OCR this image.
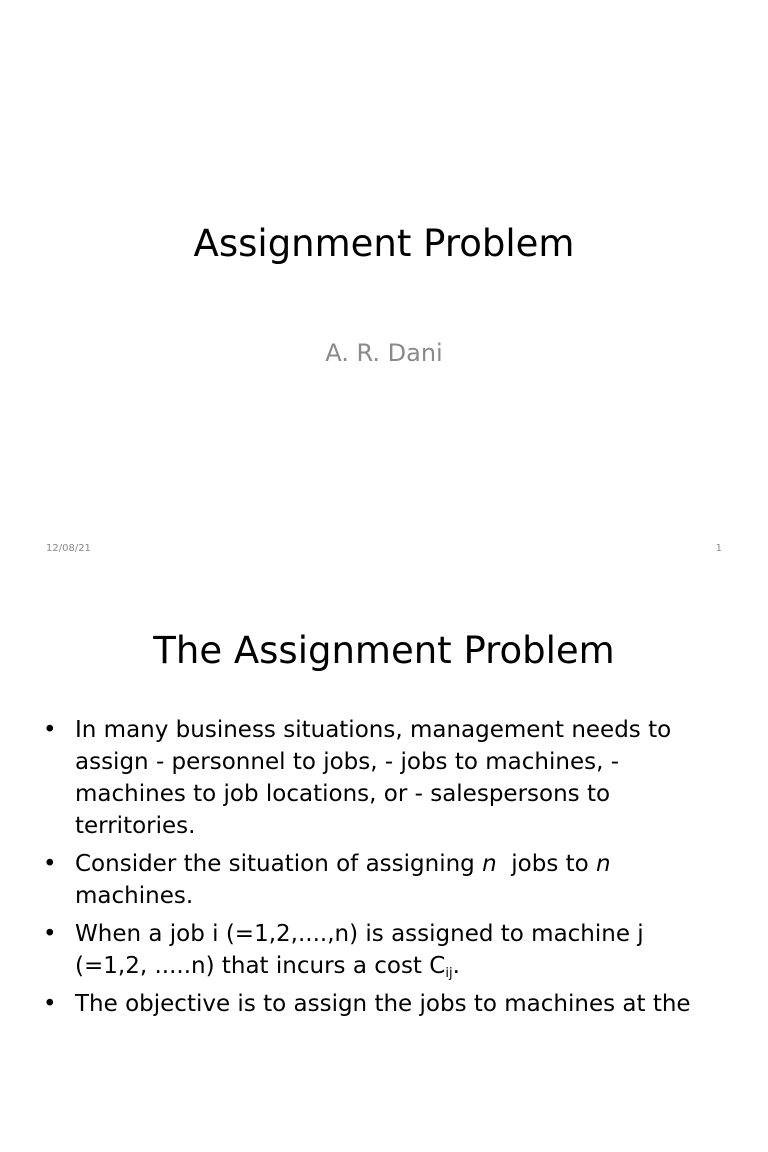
Assignment Problem
A. R. Dani
12/08/21	1
The Assignment Problem
• In many business situations, management needs to assign - personnel to jobs, - jobs to machines, - machines to job locations, or - salespersons to territories.
• Consider the situation of assigning n  jobs to n machines.
• When a job i (=1,2,....,n) is assigned to machine j (=1,2, .....n) that incurs a cost $C_{ij}$.
• The objective is to assign the jobs to machines at the
